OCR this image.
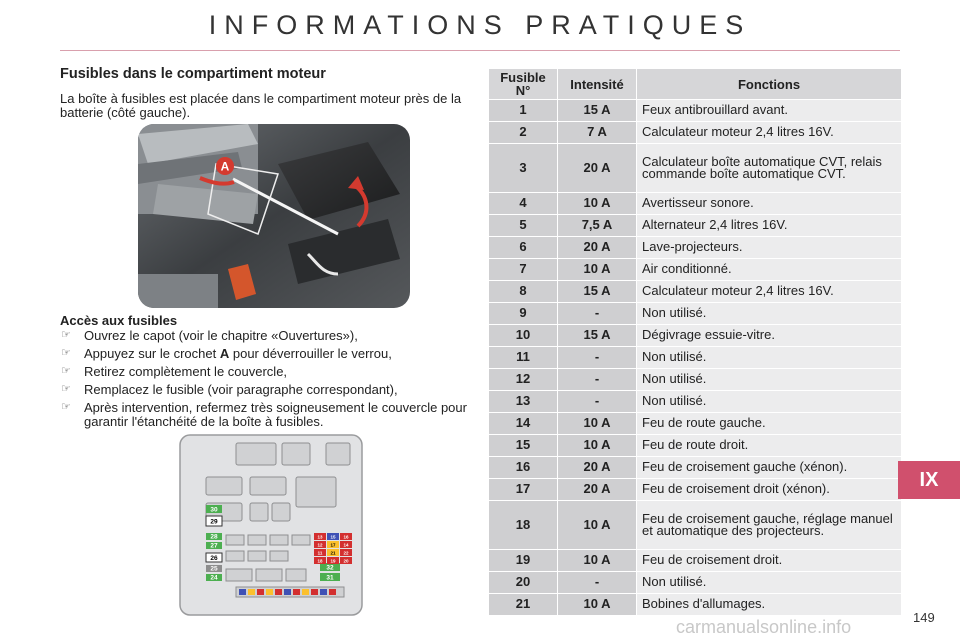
INFORMATIONS PRATIQUES
Fusibles dans le compartiment moteur
La boîte à fusibles est placée dans le compartiment moteur près de la batterie (côté gauche).
A
Accès aux fusibles
☞ Ouvrez le capot (voir le chapitre «Ouvertures»),
☞ Appuyez sur le crochet A pour déverrouiller le verrou,
☞ Retirez complètement le couvercle,
☞ Remplacez le fusible (voir paragraphe correspondant),
☞ Après intervention, refermez très soigneusement le couvercle pour garantir l'étanchéité de la boîte à fusibles.
30
29
28
27
26
25
24
32
31
13 15 16
12 17 14
11 21 22
18 19 20
Fusible N°	Intensité	Fonctions
1	15 A	Feux antibrouillard avant.
2	7 A	Calculateur moteur 2,4 litres 16V.
3	20 A	Calculateur boîte automatique CVT, relais commande boîte automatique CVT.
4	10 A	Avertisseur sonore.
5	7,5 A	Alternateur 2,4 litres 16V.
6	20 A	Lave-projecteurs.
7	10 A	Air conditionné.
8	15 A	Calculateur moteur 2,4 litres 16V.
9	-	Non utilisé.
10	15 A	Dégivrage essuie-vitre.
11	-	Non utilisé.
12	-	Non utilisé.
13	-	Non utilisé.
14	10 A	Feu de route gauche.
15	10 A	Feu de route droit.
16	20 A	Feu de croisement gauche (xénon).
17	20 A	Feu de croisement droit (xénon).
18	10 A	Feu de croisement gauche, réglage manuel et automatique des projecteurs.
19	10 A	Feu de croisement droit.
20	-	Non utilisé.
21	10 A	Bobines d'allumages.
IX
149
carmanualsonline.info
